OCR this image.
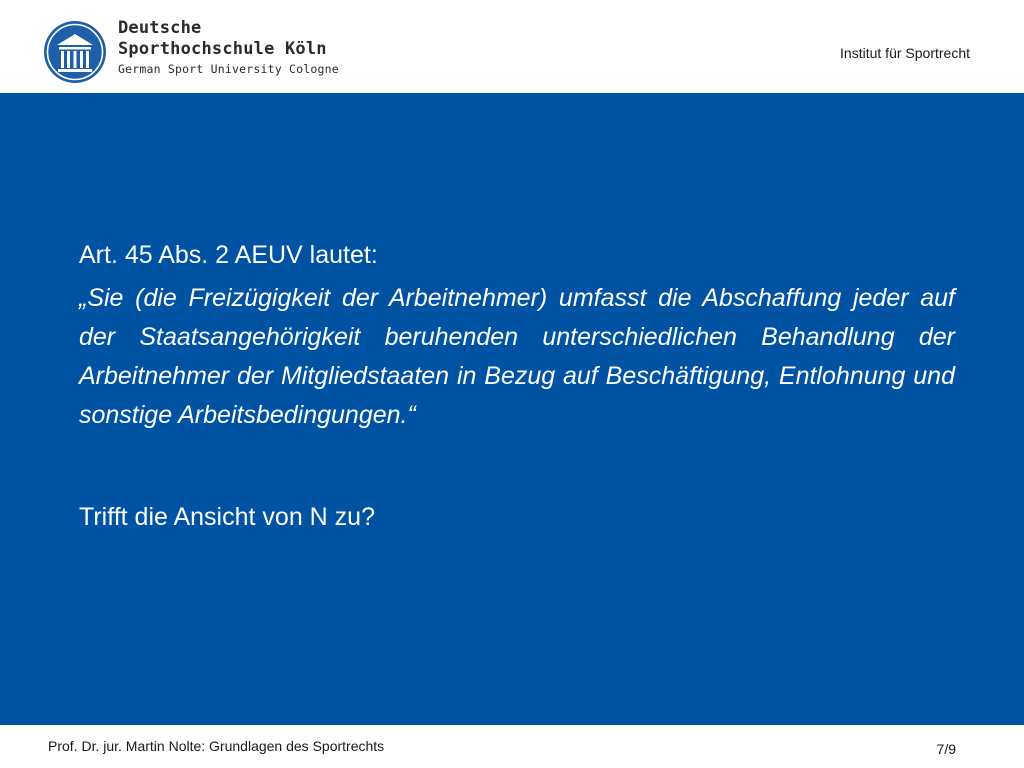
Deutsche
Sporthochschule Köln
German Sport University Cologne
Institut für Sportrecht

Art. 45 Abs. 2 AEUV lautet:

„Sie (die Freizügigkeit der Arbeitnehmer) umfasst die Abschaffung jeder auf der Staatsangehörigkeit beruhenden unterschiedlichen Behandlung der Arbeitnehmer der Mitgliedstaaten in Bezug auf Beschäftigung, Entlohnung und sonstige Arbeitsbedingungen.“

Trifft die Ansicht von N zu?

Prof. Dr. jur. Martin Nolte: Grundlagen des Sportrechts	7/9
